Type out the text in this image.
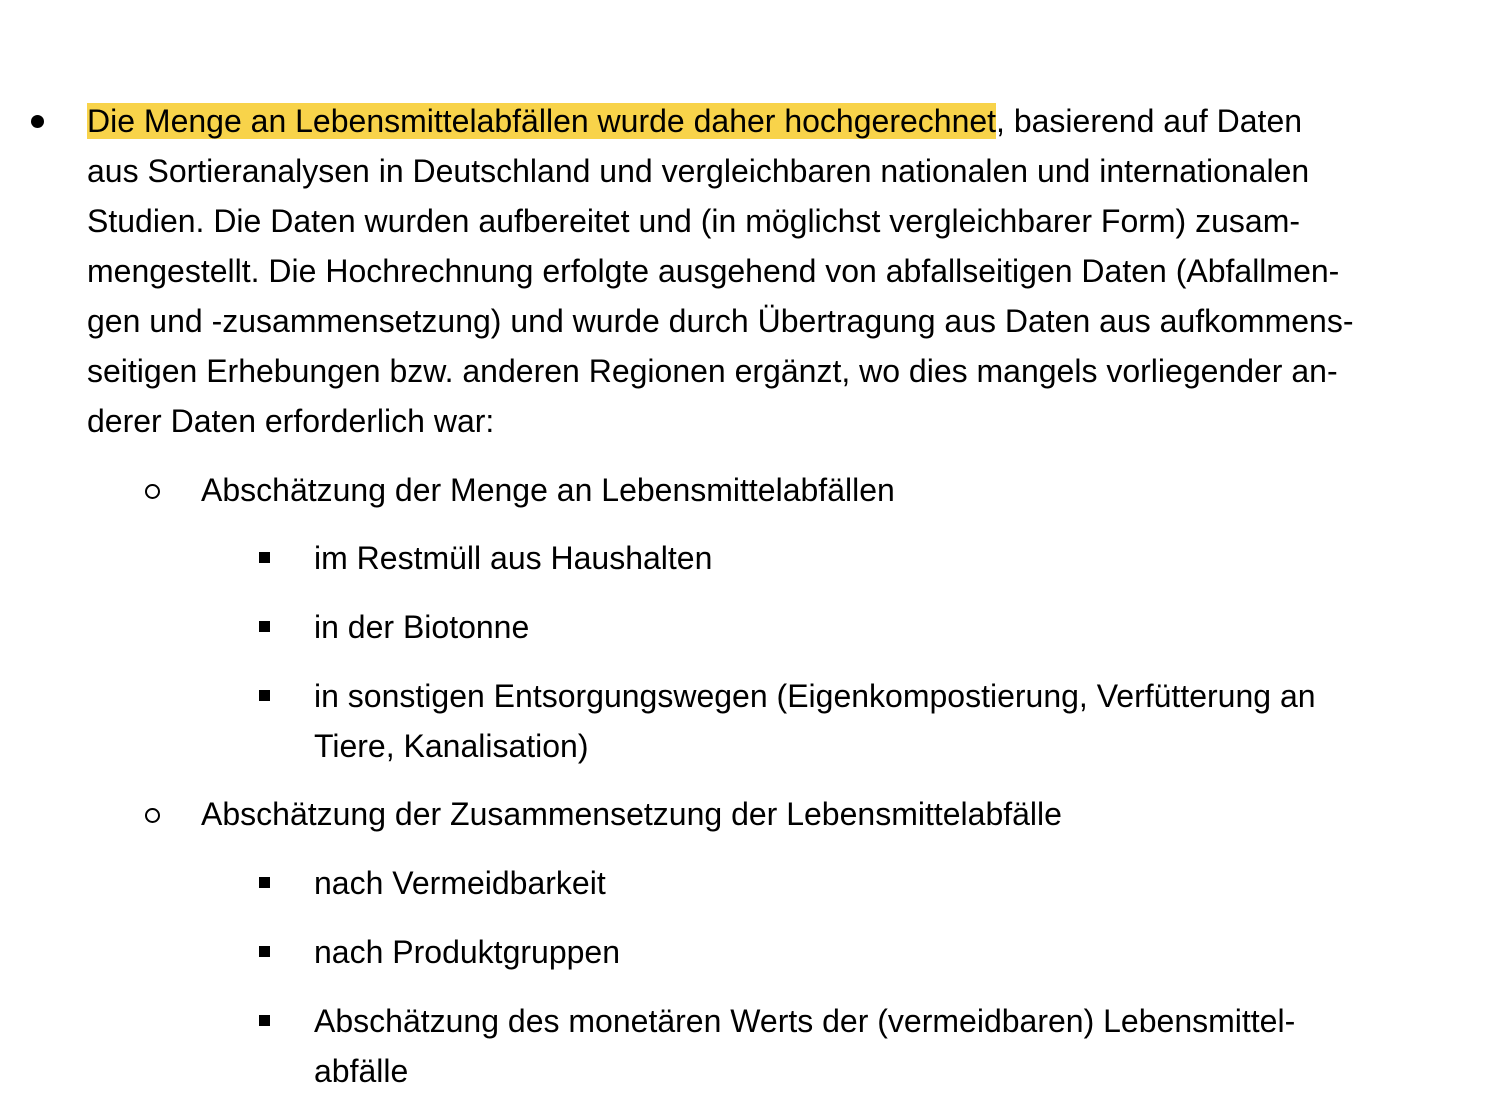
Die Menge an Lebensmittelabfällen wurde daher hochgerechnet, basierend auf Daten
aus Sortieranalysen in Deutschland und vergleichbaren nationalen und internationalen
Studien. Die Daten wurden aufbereitet und (in möglichst vergleichbarer Form) zusam-
mengestellt. Die Hochrechnung erfolgte ausgehend von abfallseitigen Daten (Abfallmen-
gen und -zusammensetzung) und wurde durch Übertragung aus Daten aus aufkommens-
seitigen Erhebungen bzw. anderen Regionen ergänzt, wo dies mangels vorliegender an-
derer Daten erforderlich war:
Abschätzung der Menge an Lebensmittelabfällen
im Restmüll aus Haushalten
in der Biotonne
in sonstigen Entsorgungswegen (Eigenkompostierung, Verfütterung an
Tiere, Kanalisation)
Abschätzung der Zusammensetzung der Lebensmittelabfälle
nach Vermeidbarkeit
nach Produktgruppen
Abschätzung des monetären Werts der (vermeidbaren) Lebensmittel-
abfälle
